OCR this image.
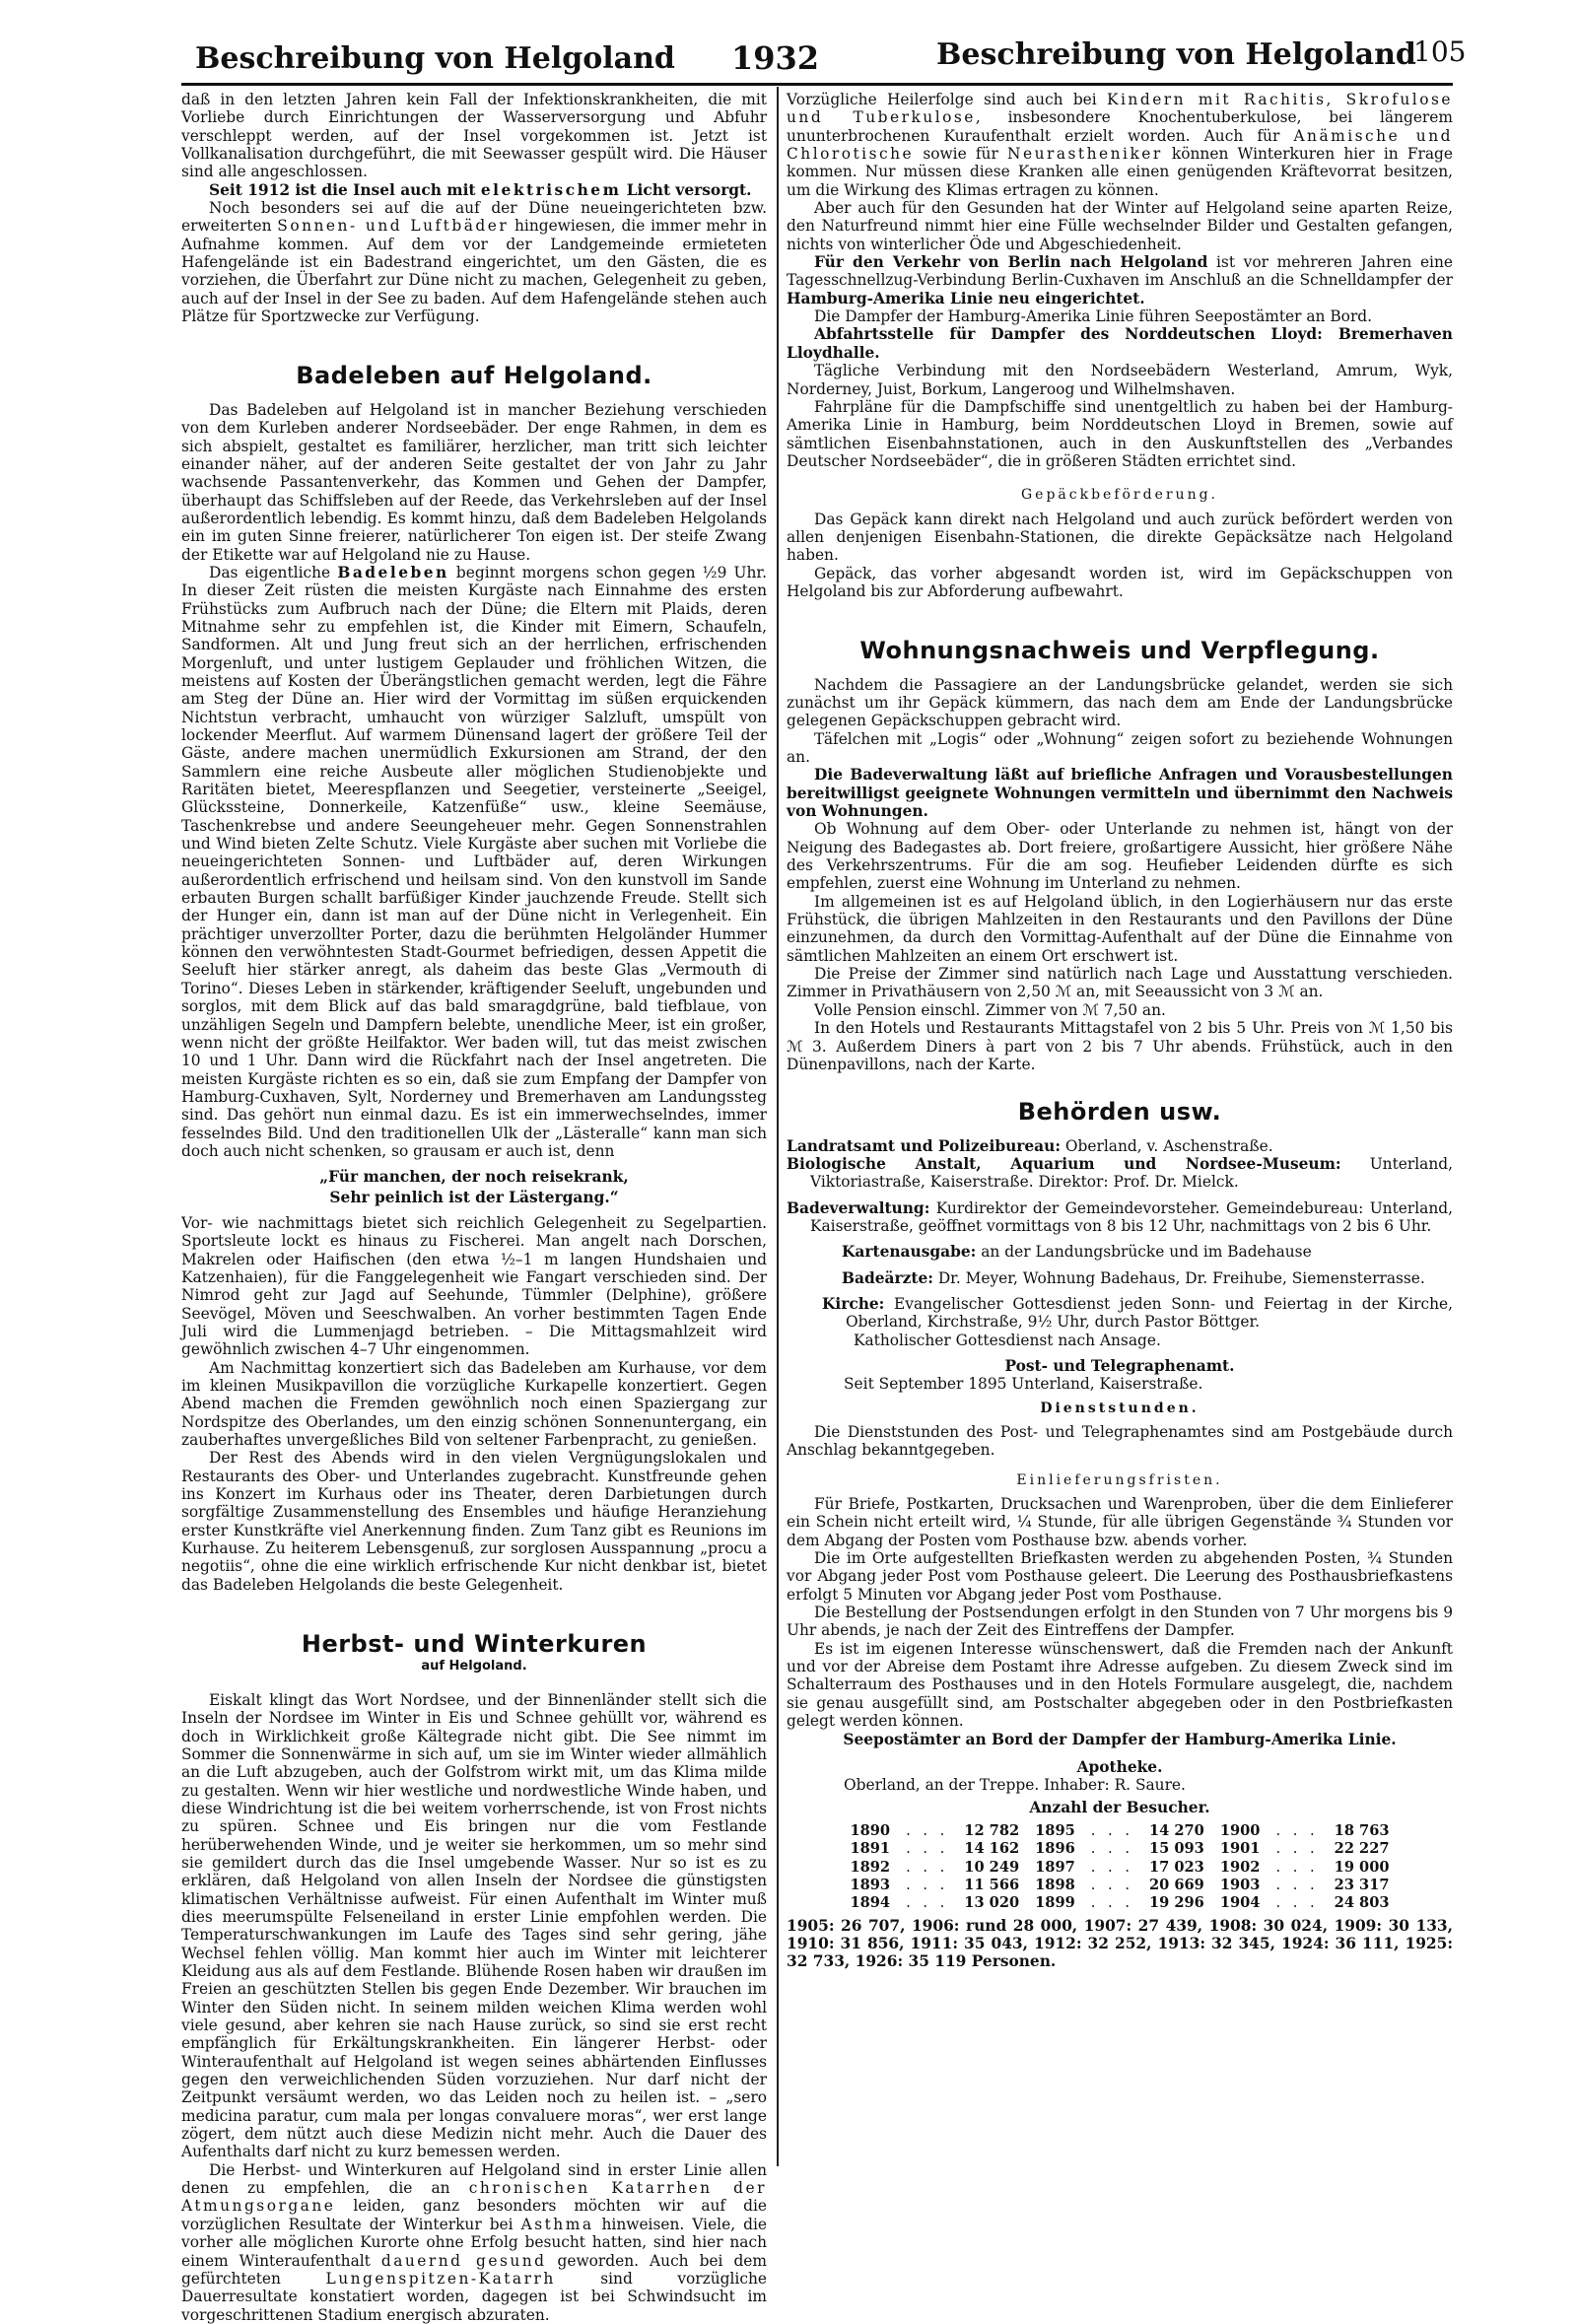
Beschreibung von Helgoland 1932	Beschreibung von Helgoland
105

daß in den letzten Jahren kein Fall der Infektionskrankheiten, die mit Vorliebe durch Einrichtungen der Wasserversorgung und Abfuhr verschleppt werden, auf der Insel vorgekommen ist. Jetzt ist Vollkanalisation durchgeführt, die mit Seewasser gespült wird. Die Häuser sind alle angeschlossen.

Seit 1912 ist die Insel auch mit elektrischem Licht versorgt.

Noch besonders sei auf die auf der Düne neueingerichteten bzw. erweiterten Sonnen- und Luftbäder hingewiesen, die immer mehr in Aufnahme kommen. Auf dem vor der Landgemeinde ermieteten Hafengelände ist ein Badestrand eingerichtet, um den Gästen, die es vorziehen, die Überfahrt zur Düne nicht zu machen, Gelegenheit zu geben, auch auf der Insel in der See zu baden. Auf dem Hafengelände stehen auch Plätze für Sportzwecke zur Verfügung.

Badeleben auf Helgoland.

Das Badeleben auf Helgoland ist in mancher Beziehung verschieden von dem Kurleben anderer Nordseebäder. Der enge Rahmen, in dem es sich abspielt, gestaltet es familiärer, herzlicher, man tritt sich leichter einander näher, auf der anderen Seite gestaltet der von Jahr zu Jahr wachsende Passantenverkehr, das Kommen und Gehen der Dampfer, überhaupt das Schiffsleben auf der Reede, das Verkehrsleben auf der Insel außerordentlich lebendig. Es kommt hinzu, daß dem Badeleben Helgolands ein im guten Sinne freierer, natürlicherer Ton eigen ist. Der steife Zwang der Etikette war auf Helgoland nie zu Hause.

Das eigentliche Badeleben beginnt morgens schon gegen ½9 Uhr. In dieser Zeit rüsten die meisten Kurgäste nach Einnahme des ersten Frühstücks zum Aufbruch nach der Düne; die Eltern mit Plaids, deren Mitnahme sehr zu empfehlen ist, die Kinder mit Eimern, Schaufeln, Sandformen. Alt und Jung freut sich an der herrlichen, erfrischenden Morgenluft, und unter lustigem Geplauder und fröhlichen Witzen, die meistens auf Kosten der Überängstlichen gemacht werden, legt die Fähre am Steg der Düne an. Hier wird der Vormittag im süßen erquickenden Nichtstun verbracht, umhaucht von würziger Salzluft, umspült von lockender Meerflut. Auf warmem Dünensand lagert der größere Teil der Gäste, andere machen unermüdlich Exkursionen am Strand, der den Sammlern eine reiche Ausbeute aller möglichen Studienobjekte und Raritäten bietet, Meerespflanzen und Seegetier, versteinerte „Seeigel, Glückssteine, Donnerkeile, Katzenfüße“ usw., kleine Seemäuse, Taschenkrebse und andere Seeungeheuer mehr. Gegen Sonnenstrahlen und Wind bieten Zelte Schutz. Viele Kurgäste aber suchen mit Vorliebe die neueingerichteten Sonnen- und Luftbäder auf, deren Wirkungen außerordentlich erfrischend und heilsam sind. Von den kunstvoll im Sande erbauten Burgen schallt barfüßiger Kinder jauchzende Freude. Stellt sich der Hunger ein, dann ist man auf der Düne nicht in Verlegenheit. Ein prächtiger unverzollter Porter, dazu die berühmten Helgoländer Hummer können den verwöhntesten Stadt-Gourmet befriedigen, dessen Appetit die Seeluft hier stärker anregt, als daheim das beste Glas „Vermouth di Torino“. Dieses Leben in stärkender, kräftigender Seeluft, ungebunden und sorglos, mit dem Blick auf das bald smaragdgrüne, bald tiefblaue, von unzähligen Segeln und Dampfern belebte, unendliche Meer, ist ein großer, wenn nicht der größte Heilfaktor. Wer baden will, tut das meist zwischen 10 und 1 Uhr. Dann wird die Rückfahrt nach der Insel angetreten. Die meisten Kurgäste richten es so ein, daß sie zum Empfang der Dampfer von Hamburg-Cuxhaven, Sylt, Norderney und Bremerhaven am Landungssteg sind. Das gehört nun einmal dazu. Es ist ein immerwechselndes, immer fesselndes Bild. Und den traditionellen Ulk der „Lästeralle“ kann man sich doch auch nicht schenken, so grausam er auch ist, denn

„Für manchen, der noch reisekrank,

Sehr peinlich ist der Lästergang.“

Vor- wie nachmittags bietet sich reichlich Gelegenheit zu Segelpartien. Sportsleute lockt es hinaus zu Fischerei. Man angelt nach Dorschen, Makrelen oder Haifischen (den etwa ½–1 m langen Hundshaien und Katzenhaien), für die Fanggelegenheit wie Fangart verschieden sind. Der Nimrod geht zur Jagd auf Seehunde, Tümmler (Delphine), größere Seevögel, Möven und Seeschwalben. An vorher bestimmten Tagen Ende Juli wird die Lummenjagd betrieben. – Die Mittagsmahlzeit wird gewöhnlich zwischen 4–7 Uhr eingenommen.

Am Nachmittag konzertiert sich das Badeleben am Kurhause, vor dem im kleinen Musikpavillon die vorzügliche Kurkapelle konzertiert. Gegen Abend machen die Fremden gewöhnlich noch einen Spaziergang zur Nordspitze des Oberlandes, um den einzig schönen Sonnenuntergang, ein zauberhaftes unvergeßliches Bild von seltener Farbenpracht, zu genießen.

Der Rest des Abends wird in den vielen Vergnügungslokalen und Restaurants des Ober- und Unterlandes zugebracht. Kunstfreunde gehen ins Konzert im Kurhaus oder ins Theater, deren Darbietungen durch sorgfältige Zusammenstellung des Ensembles und häufige Heranziehung erster Kunstkräfte viel Anerkennung finden. Zum Tanz gibt es Reunions im Kurhause. Zu heiterem Lebensgenuß, zur sorglosen Ausspannung „procu a negotiis“, ohne die eine wirklich erfrischende Kur nicht denkbar ist, bietet das Badeleben Helgolands die beste Gelegenheit.

Herbst- und Winterkuren
auf Helgoland.

Eiskalt klingt das Wort Nordsee, und der Binnenländer stellt sich die Inseln der Nordsee im Winter in Eis und Schnee gehüllt vor, während es doch in Wirklichkeit große Kältegrade nicht gibt. Die See nimmt im Sommer die Sonnenwärme in sich auf, um sie im Winter wieder allmählich an die Luft abzugeben, auch der Golfstrom wirkt mit, um das Klima milde zu gestalten. Wenn wir hier westliche und nordwestliche Winde haben, und diese Windrichtung ist die bei weitem vorherrschende, ist von Frost nichts zu spüren. Schnee und Eis bringen nur die vom Festlande herüberwehenden Winde, und je weiter sie herkommen, um so mehr sind sie gemildert durch das die Insel umgebende Wasser. Nur so ist es zu erklären, daß Helgoland von allen Inseln der Nordsee die günstigsten klimatischen Verhältnisse aufweist. Für einen Aufenthalt im Winter muß dies meerumspülte Felseneiland in erster Linie empfohlen werden. Die Temperaturschwankungen im Laufe des Tages sind sehr gering, jähe Wechsel fehlen völlig. Man kommt hier auch im Winter mit leichterer Kleidung aus als auf dem Festlande. Blühende Rosen haben wir draußen im Freien an geschützten Stellen bis gegen Ende Dezember. Wir brauchen im Winter den Süden nicht. In seinem milden weichen Klima werden wohl viele gesund, aber kehren sie nach Hause zurück, so sind sie erst recht empfänglich für Erkältungskrankheiten. Ein längerer Herbst- oder Winteraufenthalt auf Helgoland ist wegen seines abhärtenden Einflusses gegen den verweichlichenden Süden vorzuziehen. Nur darf nicht der Zeitpunkt versäumt werden, wo das Leiden noch zu heilen ist. – „sero medicina paratur, cum mala per longas convaluere moras“, wer erst lange zögert, dem nützt auch diese Medizin nicht mehr. Auch die Dauer des Aufenthalts darf nicht zu kurz bemessen werden.

Die Herbst- und Winterkuren auf Helgoland sind in erster Linie allen denen zu empfehlen, die an chronischen Katarrhen der Atmungsorgane leiden, ganz besonders möchten wir auf die vorzüglichen Resultate der Winterkur bei Asthma hinweisen. Viele, die vorher alle möglichen Kurorte ohne Erfolg besucht hatten, sind hier nach einem Winteraufenthalt dauernd gesund geworden. Auch bei dem gefürchteten Lungenspitzen-Katarrh sind vorzügliche Dauerresultate konstatiert worden, dagegen ist bei Schwindsucht im vorgeschrittenen Stadium energisch abzuraten.

Vorzügliche Heilerfolge sind auch bei Kindern mit Rachitis, Skrofulose und Tuberkulose, insbesondere Knochentuberkulose, bei längerem ununterbrochenen Kuraufenthalt erzielt worden. Auch für Anämische und Chlorotische sowie für Neurastheniker können Winterkuren hier in Frage kommen. Nur müssen diese Kranken alle einen genügenden Kräftevorrat besitzen, um die Wirkung des Klimas ertragen zu können.

Aber auch für den Gesunden hat der Winter auf Helgoland seine aparten Reize, den Naturfreund nimmt hier eine Fülle wechselnder Bilder und Gestalten gefangen, nichts von winterlicher Öde und Abgeschiedenheit.

Für den Verkehr von Berlin nach Helgoland ist vor mehreren Jahren eine Tagesschnellzug-Verbindung Berlin-Cuxhaven im Anschluß an die Schnelldampfer der Hamburg-Amerika Linie neu eingerichtet.

Die Dampfer der Hamburg-Amerika Linie führen Seepostämter an Bord.

Abfahrtsstelle für Dampfer des Norddeutschen Lloyd: Bremerhaven Lloydhalle.

Tägliche Verbindung mit den Nordseebädern Westerland, Amrum, Wyk, Norderney, Juist, Borkum, Langeroog und Wilhelmshaven.

Fahrpläne für die Dampfschiffe sind unentgeltlich zu haben bei der Hamburg-Amerika Linie in Hamburg, beim Norddeutschen Lloyd in Bremen, sowie auf sämtlichen Eisenbahnstationen, auch in den Auskunftstellen des „Verbandes Deutscher Nordseebäder“, die in größeren Städten errichtet sind.

Gepäckbeförderung.

Das Gepäck kann direkt nach Helgoland und auch zurück befördert werden von allen denjenigen Eisenbahn-Stationen, die direkte Gepäcksätze nach Helgoland haben.

Gepäck, das vorher abgesandt worden ist, wird im Gepäckschuppen von Helgoland bis zur Abforderung aufbewahrt.

Wohnungsnachweis und Verpflegung.

Nachdem die Passagiere an der Landungsbrücke gelandet, werden sie sich zunächst um ihr Gepäck kümmern, das nach dem am Ende der Landungsbrücke gelegenen Gepäckschuppen gebracht wird.

Täfelchen mit „Logis“ oder „Wohnung“ zeigen sofort zu beziehende Wohnungen an.

Die Badeverwaltung läßt auf briefliche Anfragen und Vorausbestellungen bereitwilligst geeignete Wohnungen vermitteln und übernimmt den Nachweis von Wohnungen.

Ob Wohnung auf dem Ober- oder Unterlande zu nehmen ist, hängt von der Neigung des Badegastes ab. Dort freiere, großartigere Aussicht, hier größere Nähe des Verkehrszentrums. Für die am sog. Heufieber Leidenden dürfte es sich empfehlen, zuerst eine Wohnung im Unterland zu nehmen.

Im allgemeinen ist es auf Helgoland üblich, in den Logierhäusern nur das erste Frühstück, die übrigen Mahlzeiten in den Restaurants und den Pavillons der Düne einzunehmen, da durch den Vormittag-Aufenthalt auf der Düne die Einnahme von sämtlichen Mahlzeiten an einem Ort erschwert ist.

Die Preise der Zimmer sind natürlich nach Lage und Ausstattung verschieden. Zimmer in Privathäusern von 2,50 ℳ an, mit Seeaussicht von 3 ℳ an.

Volle Pension einschl. Zimmer von ℳ 7,50 an.

In den Hotels und Restaurants Mittagstafel von 2 bis 5 Uhr. Preis von ℳ 1,50 bis ℳ 3. Außerdem Diners à part von 2 bis 7 Uhr abends. Frühstück, auch in den Dünenpavillons, nach der Karte.

Behörden usw.

Landratsamt und Polizeibureau: Oberland, v. Aschenstraße.

Biologische Anstalt, Aquarium und Nordsee-Museum: Unterland, Viktoriastraße, Kaiserstraße. Direktor: Prof. Dr. Mielck.

Badeverwaltung: Kurdirektor der Gemeindevorsteher. Gemeindebureau: Unterland, Kaiserstraße, geöffnet vormittags von 8 bis 12 Uhr, nachmittags von 2 bis 6 Uhr.

Kartenausgabe: an der Landungsbrücke und im Badehause

Badeärzte: Dr. Meyer, Wohnung Badehaus, Dr. Freihube, Siemensterrasse.

Kirche: Evangelischer Gottesdienst jeden Sonn- und Feiertag in der Kirche, Oberland, Kirchstraße, 9½ Uhr, durch Pastor Böttger.

Katholischer Gottesdienst nach Ansage.

Post- und Telegraphenamt.

Seit September 1895 Unterland, Kaiserstraße.

Dienststunden.

Die Dienststunden des Post- und Telegraphenamtes sind am Postgebäude durch Anschlag bekanntgegeben.

Einlieferungsfristen.

Für Briefe, Postkarten, Drucksachen und Warenproben, über die dem Einlieferer ein Schein nicht erteilt wird, ¼ Stunde, für alle übrigen Gegenstände ¾ Stunden vor dem Abgang der Posten vom Posthause bzw. abends vorher.

Die im Orte aufgestellten Briefkasten werden zu abgehenden Posten, ¾ Stunden vor Abgang jeder Post vom Posthause geleert. Die Leerung des Posthausbriefkastens erfolgt 5 Minuten vor Abgang jeder Post vom Posthause.

Die Bestellung der Postsendungen erfolgt in den Stunden von 7 Uhr morgens bis 9 Uhr abends, je nach der Zeit des Eintreffens der Dampfer.

Es ist im eigenen Interesse wünschenswert, daß die Fremden nach der Ankunft und vor der Abreise dem Postamt ihre Adresse aufgeben. Zu diesem Zweck sind im Schalterraum des Posthauses und in den Hotels Formulare ausgelegt, die, nachdem sie genau ausgefüllt sind, am Postschalter abgegeben oder in den Postbriefkasten gelegt werden können.

Seepostämter an Bord der Dampfer der Hamburg-Amerika Linie.

Apotheke.

Oberland, an der Treppe. Inhaber: R. Saure.

Anzahl der Besucher.

1890	. . .	12 782	1895	. . .	14 270	1900	. . .	18 763
1891	. . .	14 162	1896	. . .	15 093	1901	. . .	22 227
1892	. . .	10 249	1897	. . .	17 023	1902	. . .	19 000
1893	. . .	11 566	1898	. . .	20 669	1903	. . .	23 317
1894	. . .	13 020	1899	. . .	19 296	1904	. . .	24 803

1905: 26 707, 1906: rund 28 000, 1907: 27 439, 1908: 30 024, 1909: 30 133, 1910: 31 856, 1911: 35 043, 1912: 32 252, 1913: 32 345, 1924: 36 111, 1925: 32 733, 1926: 35 119 Personen.
